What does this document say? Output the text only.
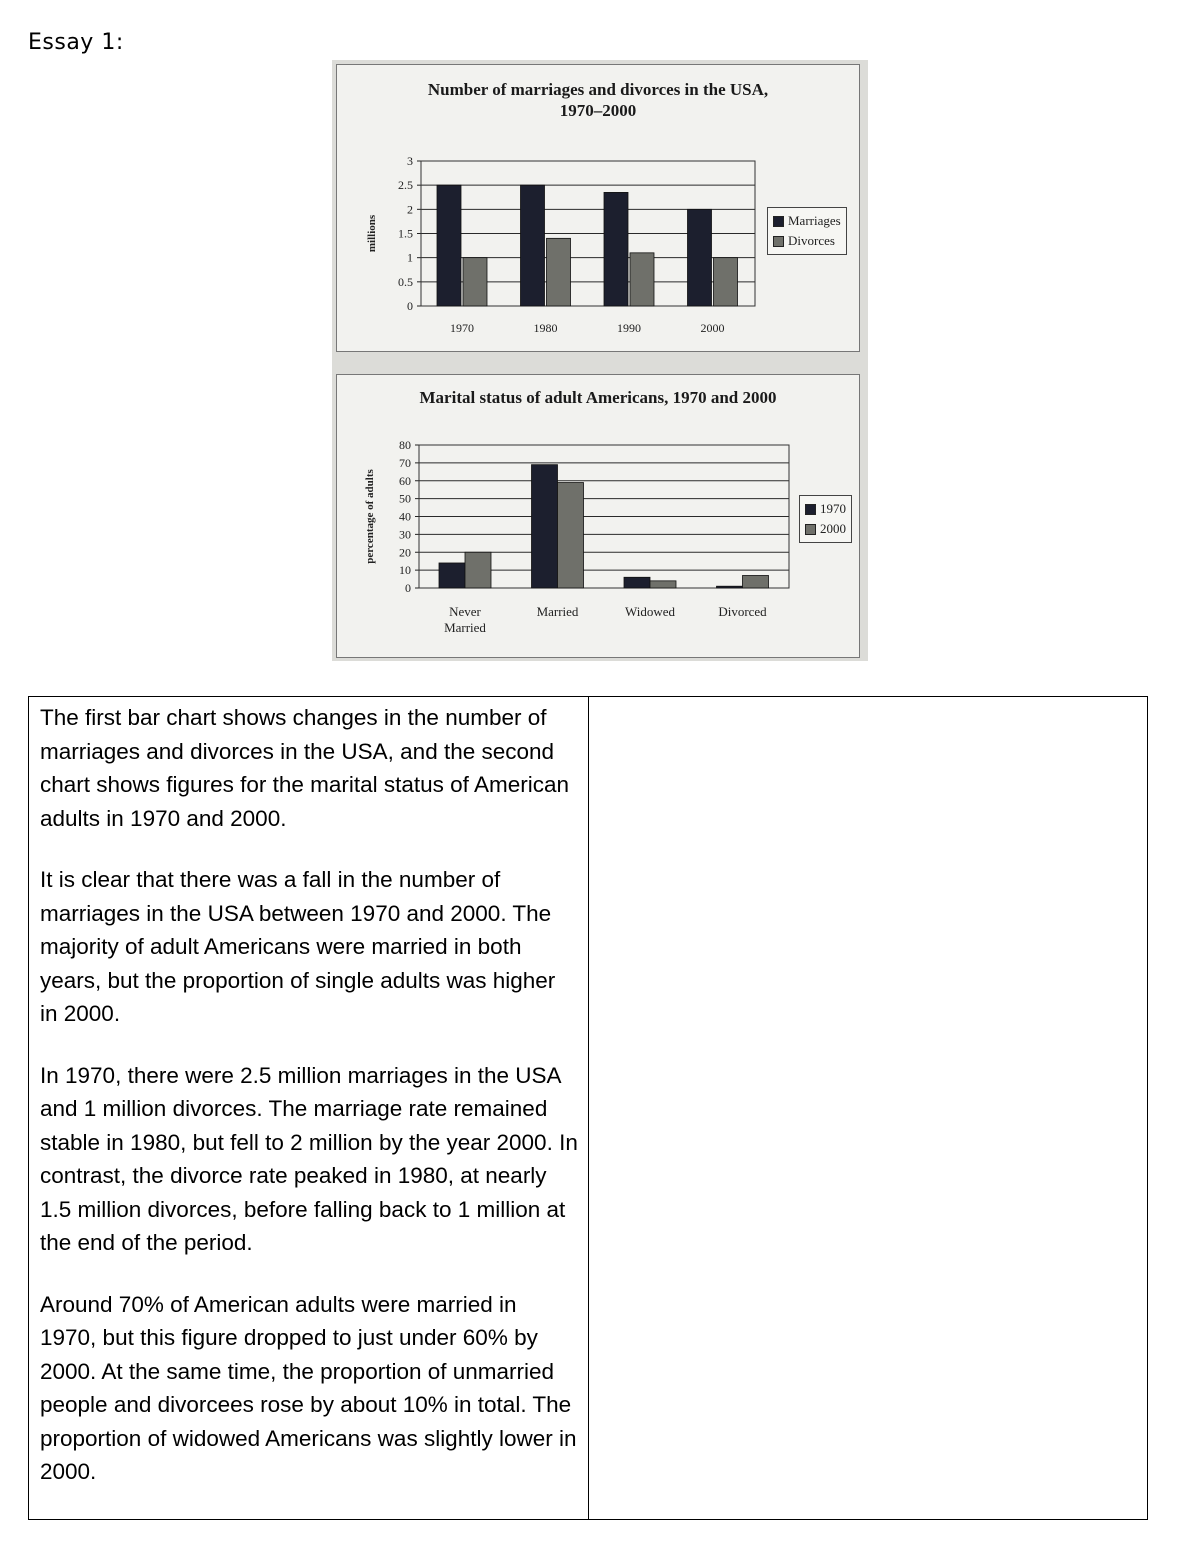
Essay 1:
Number of marriages and divorces in the USA,
1970–2000
0
0.5
1
1.5
2
2.5
3
millions
1970	1980	1990	2000
Marriages
Divorces
Marital status of adult Americans, 1970 and 2000
0
10
20
30
40
50
60
70
80
percentage of adults
Never
Married
Married	Widowed	Divorced
1970
2000

The first bar chart shows changes in the number of marriages and divorces in the USA, and the second chart shows figures for the marital status of American adults in 1970 and 2000.

It is clear that there was a fall in the number of marriages in the USA between 1970 and 2000. The majority of adult Americans were married in both years, but the proportion of single adults was higher in 2000.

In 1970, there were 2.5 million marriages in the USA and 1 million divorces. The marriage rate remained stable in 1980, but fell to 2 million by the year 2000. In contrast, the divorce rate peaked in 1980, at nearly 1.5 million divorces, before falling back to 1 million at the end of the period.

Around 70% of American adults were married in 1970, but this figure dropped to just under 60% by 2000. At the same time, the proportion of unmarried people and divorcees rose by about 10% in total. The proportion of widowed Americans was slightly lower in 2000.
